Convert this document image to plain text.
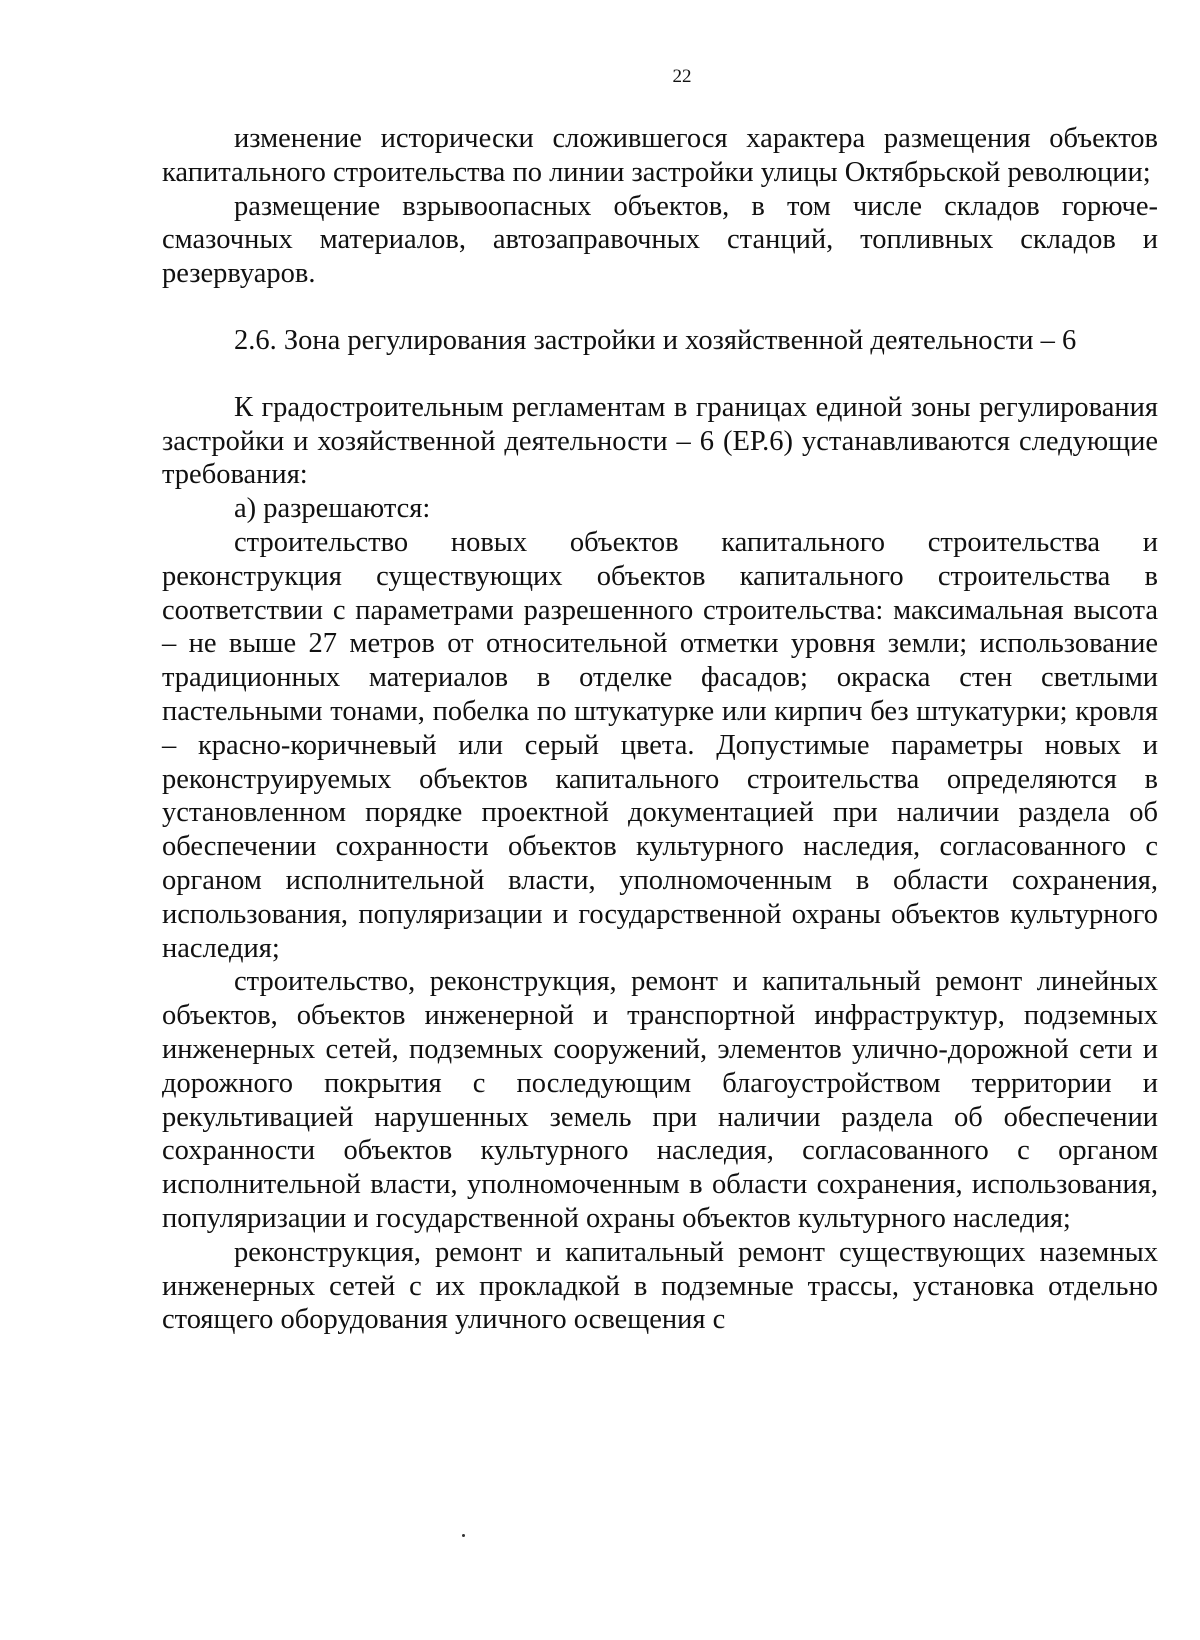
22

изменение исторически сложившегося характера размещения объектов капитального строительства по линии застройки улицы Октябрьской революции;

размещение взрывоопасных объектов, в том числе складов горюче-смазочных материалов, автозаправочных станций, топливных складов и резервуаров.

2.6. Зона регулирования застройки и хозяйственной деятельности – 6

К градостроительным регламентам в границах единой зоны регулирования застройки и хозяйственной деятельности – 6 (ЕР.6) устанавливаются следующие требования:

а) разрешаются:

строительство новых объектов капитального строительства и реконструкция существующих объектов капитального строительства в соответствии с параметрами разрешенного строительства: максимальная высота – не выше 27 метров от относительной отметки уровня земли; использование традиционных материалов в отделке фасадов; окраска стен светлыми пастельными тонами, побелка по штукатурке или кирпич без штукатурки; кровля – красно-коричневый или серый цвета. Допустимые параметры новых и реконструируемых объектов капитального строительства определяются в установленном порядке проектной документацией при наличии раздела об обеспечении сохранности объектов культурного наследия, согласованного с органом исполнительной власти, уполномоченным в области сохранения, использования, популяризации и государственной охраны объектов культурного наследия;

строительство, реконструкция, ремонт и капитальный ремонт линейных объектов, объектов инженерной и транспортной инфраструктур, подземных инженерных сетей, подземных сооружений, элементов улично-дорожной сети и дорожного покрытия с последующим благоустройством территории и рекультивацией нарушенных земель при наличии раздела об обеспечении сохранности объектов культурного наследия, согласованного с органом исполнительной власти, уполномоченным в области сохранения, использования, популяризации и государственной охраны объектов культурного наследия;

реконструкция, ремонт и капитальный ремонт существующих наземных инженерных сетей с их прокладкой в подземные трассы, установка отдельно стоящего оборудования уличного освещения с
